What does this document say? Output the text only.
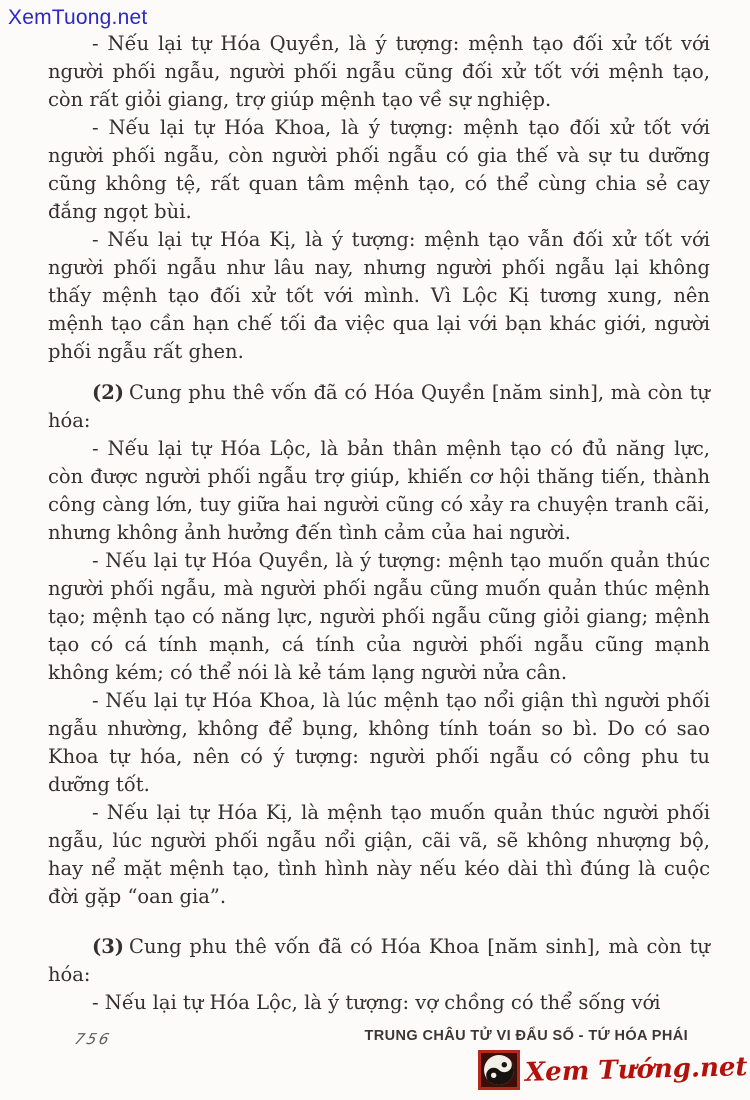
XemTuong.net

- Nếu lại tự Hóa Quyền, là ý tượng: mệnh tạo đối xử tốt với người phối ngẫu, người phối ngẫu cũng đối xử tốt với mệnh tạo, còn rất giỏi giang, trợ giúp mệnh tạo về sự nghiệp.

- Nếu lại tự Hóa Khoa, là ý tượng: mệnh tạo đối xử tốt với người phối ngẫu, còn người phối ngẫu có gia thế và sự tu dưỡng cũng không tệ, rất quan tâm mệnh tạo, có thể cùng chia sẻ cay đắng ngọt bùi.

- Nếu lại tự Hóa Kị, là ý tượng: mệnh tạo vẫn đối xử tốt với người phối ngẫu như lâu nay, nhưng người phối ngẫu lại không thấy mệnh tạo đối xử tốt với mình. Vì Lộc Kị tương xung, nên mệnh tạo cần hạn chế tối đa việc qua lại với bạn khác giới, người phối ngẫu rất ghen.

(2) Cung phu thê vốn đã có Hóa Quyền [năm sinh], mà còn tự hóa:

- Nếu lại tự Hóa Lộc, là bản thân mệnh tạo có đủ năng lực, còn được người phối ngẫu trợ giúp, khiến cơ hội thăng tiến, thành công càng lớn, tuy giữa hai người cũng có xảy ra chuyện tranh cãi, nhưng không ảnh hưởng đến tình cảm của hai người.

- Nếu lại tự Hóa Quyền, là ý tượng: mệnh tạo muốn quản thúc người phối ngẫu, mà người phối ngẫu cũng muốn quản thúc mệnh tạo; mệnh tạo có năng lực, người phối ngẫu cũng giỏi giang; mệnh tạo có cá tính mạnh, cá tính của người phối ngẫu cũng mạnh không kém; có thể nói là kẻ tám lạng người nửa cân.

- Nếu lại tự Hóa Khoa, là lúc mệnh tạo nổi giận thì người phối ngẫu nhường, không để bụng, không tính toán so bì. Do có sao Khoa tự hóa, nên có ý tượng: người phối ngẫu có công phu tu dưỡng tốt.

- Nếu lại tự Hóa Kị, là mệnh tạo muốn quản thúc người phối ngẫu, lúc người phối ngẫu nổi giận, cãi vã, sẽ không nhượng bộ, hay nể mặt mệnh tạo, tình hình này nếu kéo dài thì đúng là cuộc đời gặp “oan gia”.

(3) Cung phu thê vốn đã có Hóa Khoa [năm sinh], mà còn tự hóa:

- Nếu lại tự Hóa Lộc, là ý tượng: vợ chồng có thể sống với

756	TRUNG CHÂU TỬ VI ĐẨU SỐ - TỨ HÓA PHÁI
Xem Tướng.net
